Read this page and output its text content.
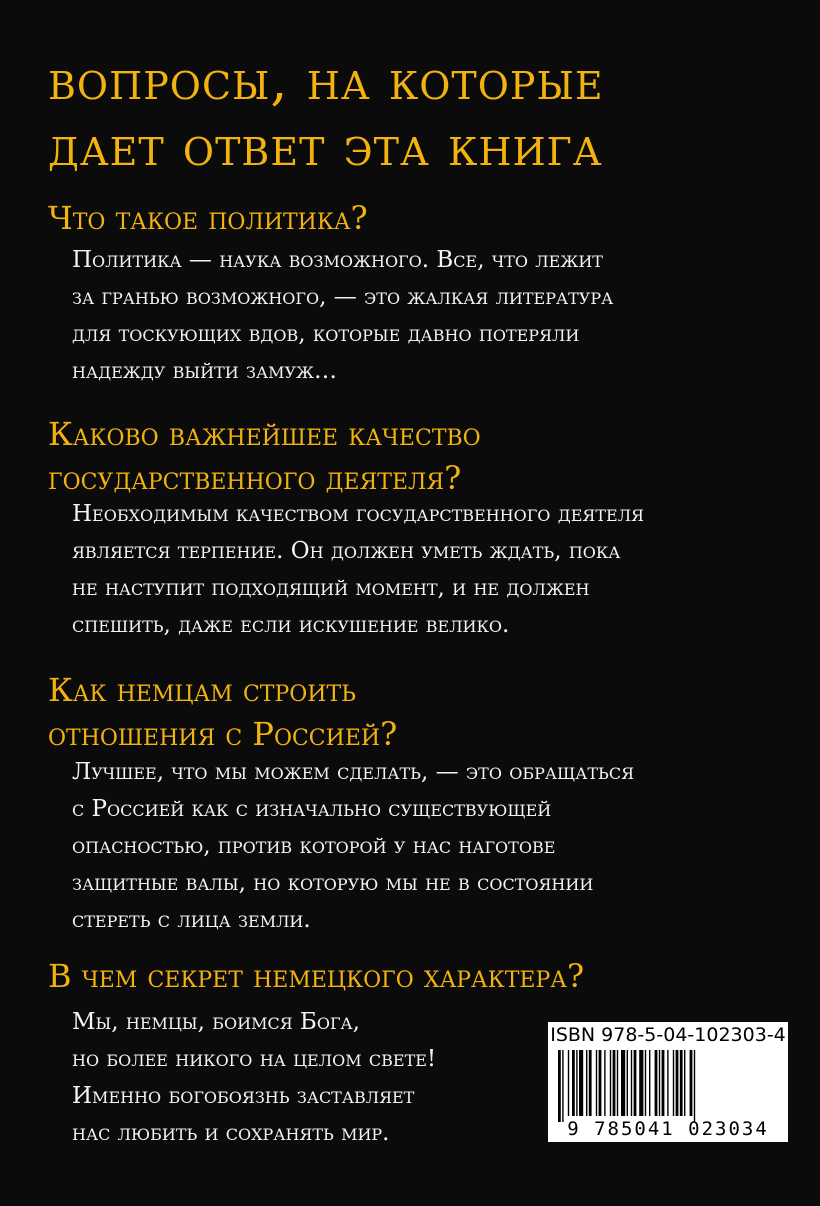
вопросы, на которые
дает ответ эта книга
Что такое политика?

Политика — наука возможного. Все, что лежит
за гранью возможного, — это жалкая литература
для тоскующих вдов, которые давно потеряли
надежду выйти замуж…

Каково важнейшее качество
государственного деятеля?

Необходимым качеством государственного деятеля
является терпение. Он должен уметь ждать, пока
не наступит подходящий момент, и не должен
спешить, даже если искушение велико.

Как немцам строить
отношения с Россией?

Лучшее, что мы можем сделать, — это обращаться
с Россией как с изначально существующей
опасностью, против которой у нас наготове
защитные валы, но которую мы не в состоянии
стереть с лица земли.

В чем секрет немецкого характера?

Мы, немцы, боимся Бога,
но более никого на целом свете!
Именно богобоязнь заставляет
нас любить и сохранять мир.

ISBN 978-5-04-102303-4
9 785041 023034
